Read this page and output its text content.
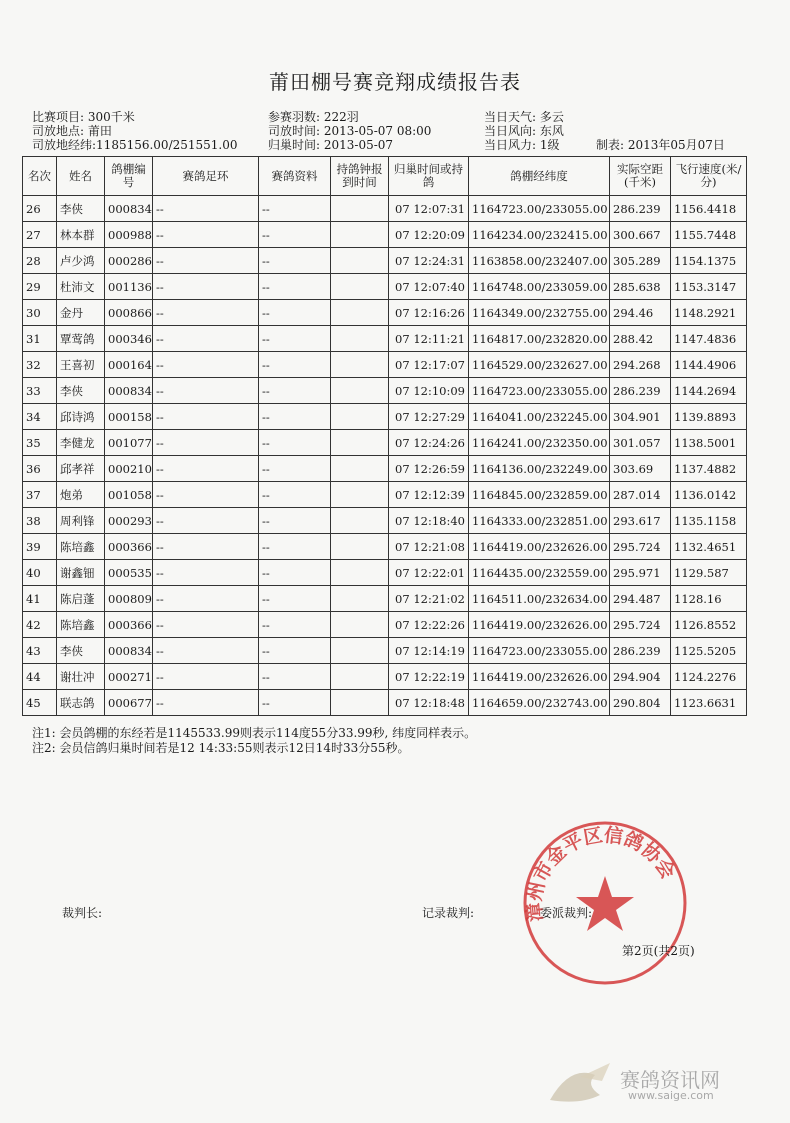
莆田棚号赛竞翔成绩报告表
比赛项目: 300千米
司放地点: 莆田
司放地经纬:1185156.00/251551.00
参赛羽数: 222羽
司放时间: 2013-05-07 08:00
归巢时间: 2013-05-07
当日天气: 多云
当日风向: 东风
当日风力: 1级	制表: 2013年05月07日
名次	姓名	鸽棚编号	赛鸽足环	赛鸽资料	持鸽钟报到时间	归巢时间或持鸽	鸽棚经纬度	实际空距(千米)	飞行速度(米/分)
26	李侠	000834	--	--		07 12:07:31	1164723.00/233055.00	286.239	1156.4418
27	林本群	000988	--	--		07 12:20:09	1164234.00/232415.00	300.667	1155.7448
28	卢少鸿	000286	--	--		07 12:24:31	1163858.00/232407.00	305.289	1154.1375
29	杜沛文	001136	--	--		07 12:07:40	1164748.00/233059.00	285.638	1153.3147
30	金丹	000866	--	--		07 12:16:26	1164349.00/232755.00	294.46	1148.2921
31	覃莺鸽	000346	--	--		07 12:11:21	1164817.00/232820.00	288.42	1147.4836
32	王喜初	000164	--	--		07 12:17:07	1164529.00/232627.00	294.268	1144.4906
33	李侠	000834	--	--		07 12:10:09	1164723.00/233055.00	286.239	1144.2694
34	邱诗鸿	000158	--	--		07 12:27:29	1164041.00/232245.00	304.901	1139.8893
35	李健龙	001077	--	--		07 12:24:26	1164241.00/232350.00	301.057	1138.5001
36	邱孝祥	000210	--	--		07 12:26:59	1164136.00/232249.00	303.69	1137.4882
37	炮弟	001058	--	--		07 12:12:39	1164845.00/232859.00	287.014	1136.0142
38	周利锋	000293	--	--		07 12:18:40	1164333.00/232851.00	293.617	1135.1158
39	陈培鑫	000366	--	--		07 12:21:08	1164419.00/232626.00	295.724	1132.4651
40	谢鑫钿	000535	--	--		07 12:22:01	1164435.00/232559.00	295.971	1129.587
41	陈启蓬	000809	--	--		07 12:21:02	1164511.00/232634.00	294.487	1128.16
42	陈培鑫	000366	--	--		07 12:22:26	1164419.00/232626.00	295.724	1126.8552
43	李侠	000834	--	--		07 12:14:19	1164723.00/233055.00	286.239	1125.5205
44	谢壮冲	000271	--	--		07 12:22:19	1164419.00/232626.00	294.904	1124.2276
45	联志鸽	000677	--	--		07 12:18:48	1164659.00/232743.00	290.804	1123.6631
注1: 会员鸽棚的东经若是1145533.99则表示114度55分33.99秒, 纬度同样表示。
注2: 会员信鸽归巢时间若是12 14:33:55则表示12日14时33分55秒。
裁判长:	记录裁判:	漳州市金平区信鸽协会
委派裁判:
第2页(共2页)
赛鸽资讯网
www.saige.com
